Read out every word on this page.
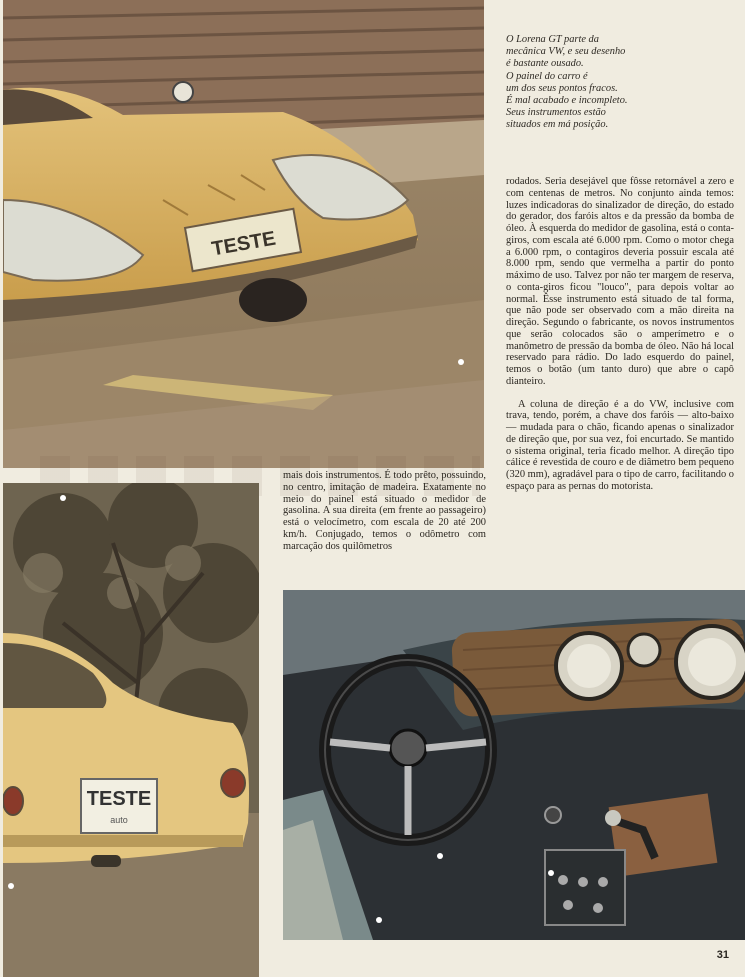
TESTE
O Lorena GT parte da
mecânica VW, e seu desenho
é bastante ousado.
O painel do carro é
um dos seus pontos fracos.
É mal acabado e incompleto.
Seus instrumentos estão
situados em má posição.

rodados. Seria desejável que fôsse retornável a zero e com centenas de metros. No conjunto ainda temos: luzes indicadoras do sinalizador de direção, do estado do gerador, dos faróis altos e da pressão da bomba de óleo. À esquerda do medidor de gasolina, está o conta-giros, com escala até 6.000 rpm. Como o motor chega a 6.000 rpm, o contagiros deveria possuir escala até 8.000 rpm, sendo que vermelha a partir do ponto máximo de uso. Talvez por não ter margem de reserva, o conta-giros ficou "louco", para depois voltar ao normal. Êsse instrumento está situado de tal forma, que não pode ser observado com a mão direita na direção. Segundo o fabricante, os novos instrumentos que serão colocados são o amperímetro e o manômetro de pressão da bomba de óleo. Não há local reservado para rádio. Do lado esquerdo do painel, temos o botão (um tanto duro) que abre o capô dianteiro.

A coluna de direção é a do VW, inclusive com trava, tendo, porém, a chave dos faróis — alto-baixo — mudada para o chão, ficando apenas o sinalizador de direção que, por sua vez, foi encurtado. Se mantido o sistema original, teria ficado melhor. A direção tipo cálice é revestida de couro e de diâmetro bem pequeno (320 mm), agradável para o tipo de carro, facilitando o espaço para as pernas do motorista.

TESTE
auto

mais dois instrumentos. É todo prêto, possuindo, no centro, imitação de madeira. Exatamente no meio do painel está situado o medidor de gasolina. A sua direita (em frente ao passageiro) está o velocímetro, com escala de 20 até 200 km/h. Conjugado, temos o odômetro com marcação dos quilômetros

31
